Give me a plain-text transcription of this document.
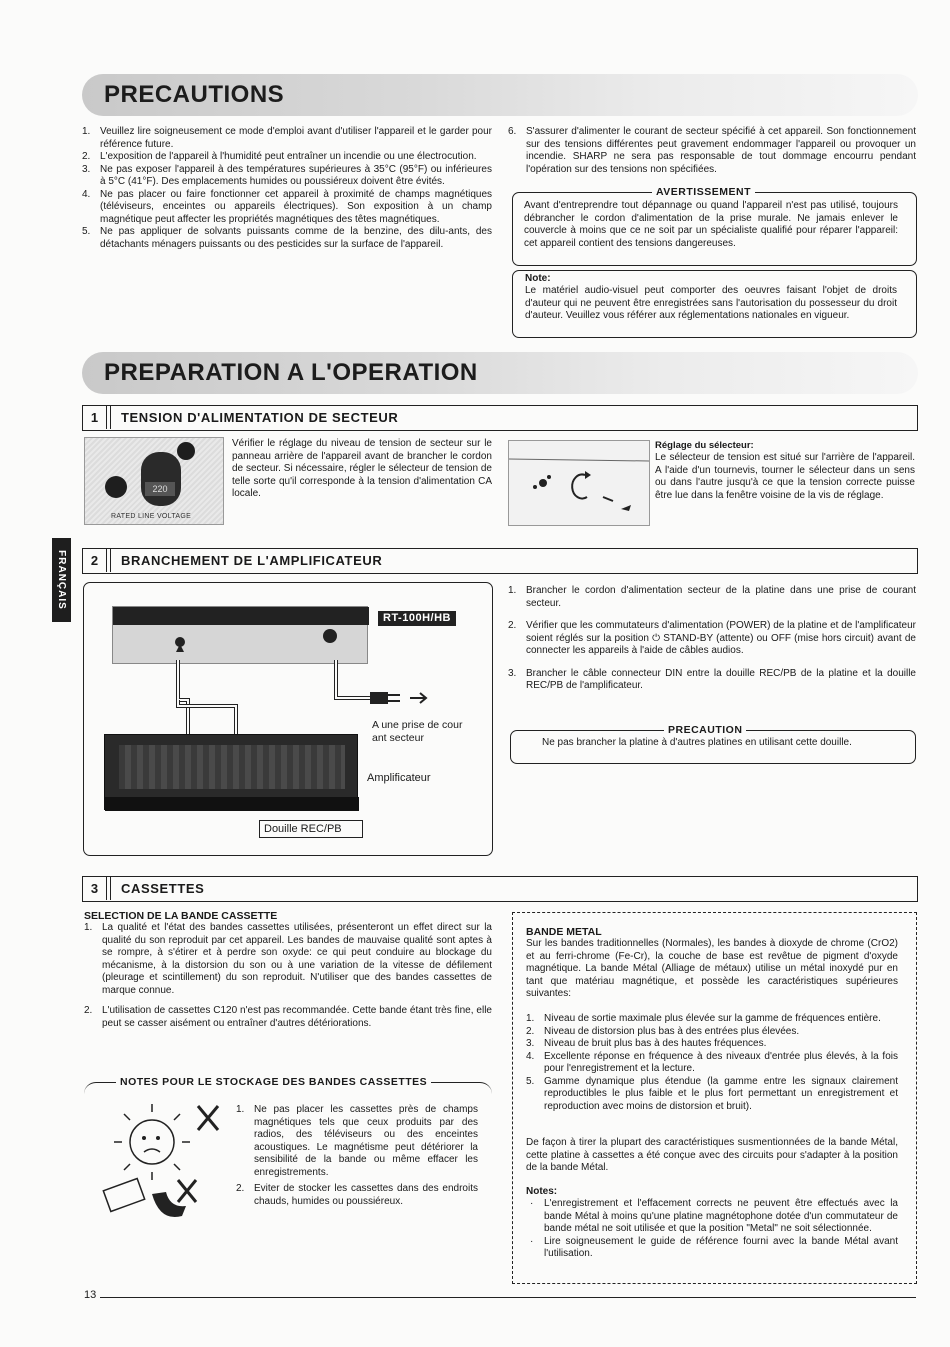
PRECAUTIONS
1. Veuillez lire soigneusement ce mode d'emploi avant d'utiliser l'appareil et le garder pour référence future.
2. L'exposition de l'appareil à l'humidité peut entraîner un incendie ou une électrocution.
3. Ne pas exposer l'appareil à des températures supérieures à 35°C (95°F) ou inférieures à 5°C (41°F). Des emplacements humides ou poussiéreux doivent être évités.
4. Ne pas placer ou faire fonctionner cet appareil à proximité de champs magnétiques (téléviseurs, enceintes ou appareils électriques). Son exposition à un champ magnétique peut affecter les propriétés magnétiques des têtes magnétiques.
5. Ne pas appliquer de solvants puissants comme de la benzine, des dilu-ants, des détachants ménagers puissants ou des pesticides sur la surface de l'appareil.
6. S'assurer d'alimenter le courant de secteur spécifié à cet appareil. Son fonctionnement sur des tensions différentes peut gravement endommager l'appareil ou provoquer un incendie. SHARP ne sera pas responsable de tout dommage encourru pendant l'opération sur des tensions non spécifiées.
AVERTISSEMENT

Avant d'entreprendre tout dépannage ou quand l'appareil n'est pas utilisé, toujours débrancher le cordon d'alimentation de la prise murale. Ne jamais enlever le couvercle à moins que ce ne soit par un spécialiste qualifié pour réparer l'appareil: cet appareil contient des tensions dangereuses.

Note:

Le matériel audio-visuel peut comporter des oeuvres faisant l'objet de droits d'auteur qui ne peuvent être enregistrées sans l'autorisation du possesseur du droit d'auteur. Veuillez vous référer aux réglementations nationales en vigueur.

PREPARATION A L'OPERATION
1	TENSION D'ALIMENTATION DE SECTEUR
220
RATED LINE VOLTAGE

Vérifier le réglage du niveau de tension de secteur sur le panneau arrière de l'appareil avant de brancher le cordon de secteur. Si nécessaire, régler le sélecteur de tension de telle sorte qu'il corresponde à la tension d'alimentation CA locale.

Réglage du sélecteur:

Le sélecteur de tension est situé sur l'arrière de l'appareil. A l'aide d'un tournevis, tourner le sélecteur dans un sens ou dans l'autre jusqu'à ce que la tension correcte puisse être lue dans la fenêtre voisine de la vis de réglage.

FRANÇAIS	2	BRANCHEMENT DE L'AMPLIFICATEUR
RT-100H/HB
A une prise de cour ant secteur
Amplificateur
Douille REC/PB
1. Brancher le cordon d'alimentation secteur de la platine dans une prise de courant secteur.
2. Vérifier que les commutateurs d'alimentation (POWER) de la platine et de l'amplificateur soient réglés sur la position ⏻ STAND-BY (attente) ou OFF (mise hors circuit) avant de connecter les appareils à l'aide de câbles audios.
3. Brancher le câble connecteur DIN entre la douille REC/PB de la platine et la douille REC/PB de l'amplificateur.
PRECAUTION

Ne pas brancher la platine à d'autres platines en utilisant cette douille.

3	CASSETTES
SELECTION DE LA BANDE CASSETTE
1. La qualité et l'état des bandes cassettes utilisées, présenteront un effet direct sur la qualité du son reproduit par cet appareil. Les bandes de mauvaise qualité sont aptes à se rompre, à s'étirer et à perdre son oxyde: ce qui peut conduire au blockage du mécanisme, à la distorsion du son ou à une variation de la vitesse de défilement (pleurage et scintillement) du son reproduit. N'utiliser que des bandes cassettes de marque connue.
2. L'utilisation de cassettes C120 n'est pas recommandée. Cette bande étant très fine, elle peut se casser aisément ou entraîner d'autres détériorations.
NOTES POUR LE STOCKAGE DES BANDES CASSETTES
1. Ne pas placer les cassettes près de champs magnétiques tels que ceux produits par des radios, des téléviseurs ou des enceintes acoustiques. Le magnétisme peut détériorer la sensibilité de la bande ou même effacer les enregistrements.
2. Eviter de stocker les cassettes dans des endroits chauds, humides ou poussiéreux.
BANDE METAL

Sur les bandes traditionnelles (Normales), les bandes à dioxyde de chrome (CrO2) et au ferri-chrome (Fe-Cr), la couche de base est revêtue de pigment d'oxyde magnétique. La bande Métal (Alliage de métaux) utilise un métal inoxydé pur en tant que matériau magnétique, et possède les caractéristiques supérieures suivantes:

1. Niveau de sortie maximale plus élevée sur la gamme de fréquences entière.
2. Niveau de distorsion plus bas à des entrées plus élevées.
3. Niveau de bruit plus bas à des hautes fréquences.
4. Excellente réponse en fréquence à des niveaux d'entrée plus élevés, à la fois pour l'enregistrement et la lecture.
5. Gamme dynamique plus étendue (la gamme entre les signaux clairement reproductibles le plus faible et le plus fort permettant un enregistrement et reproduction avec moins de distorsion et bruit).

De façon à tirer la plupart des caractéristiques susmentionnées de la bande Métal, cette platine à cassettes a été conçue avec des circuits pour s'adapter à la position de la bande Métal.

Notes:
· L'enregistrement et l'effacement corrects ne peuvent être effectués avec la bande Métal à moins qu'une platine magnétophone dotée d'un commutateur de bande métal ne soit utilisée et que la position "Metal" ne soit sélectionnée.
· Lire soigneusement le guide de référence fourni avec la bande Métal avant l'utilisation.
13
